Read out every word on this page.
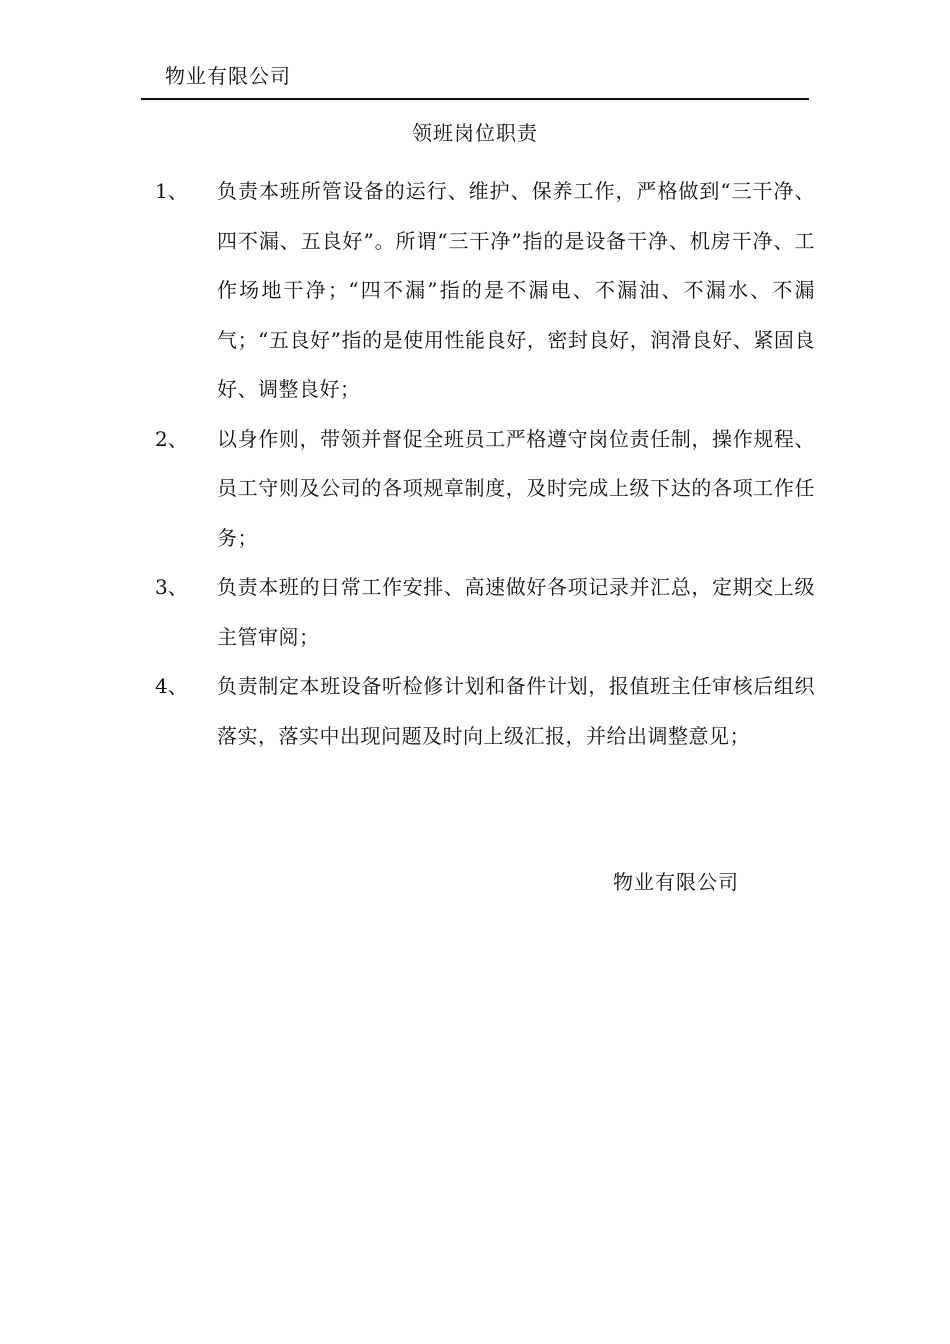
物业有限公司
领班岗位职责
1、	负责本班所管设备的运行、维护、保养工作，严格做到“三干净、四不漏、五良好”。所谓“三干净”指的是设备干净、机房干净、工作场地干净；“四不漏”指的是不漏电、不漏油、不漏水、不漏气；“五良好”指的是使用性能良好，密封良好，润滑良好、紧固良好、调整良好；

2、	以身作则，带领并督促全班员工严格遵守岗位责任制，操作规程、员工守则及公司的各项规章制度，及时完成上级下达的各项工作任务；

3、	负责本班的日常工作安排、高速做好各项记录并汇总，定期交上级主管审阅；

4、	负责制定本班设备听检修计划和备件计划，报值班主任审核后组织落实，落实中出现问题及时向上级汇报，并给出调整意见；

物业有限公司
